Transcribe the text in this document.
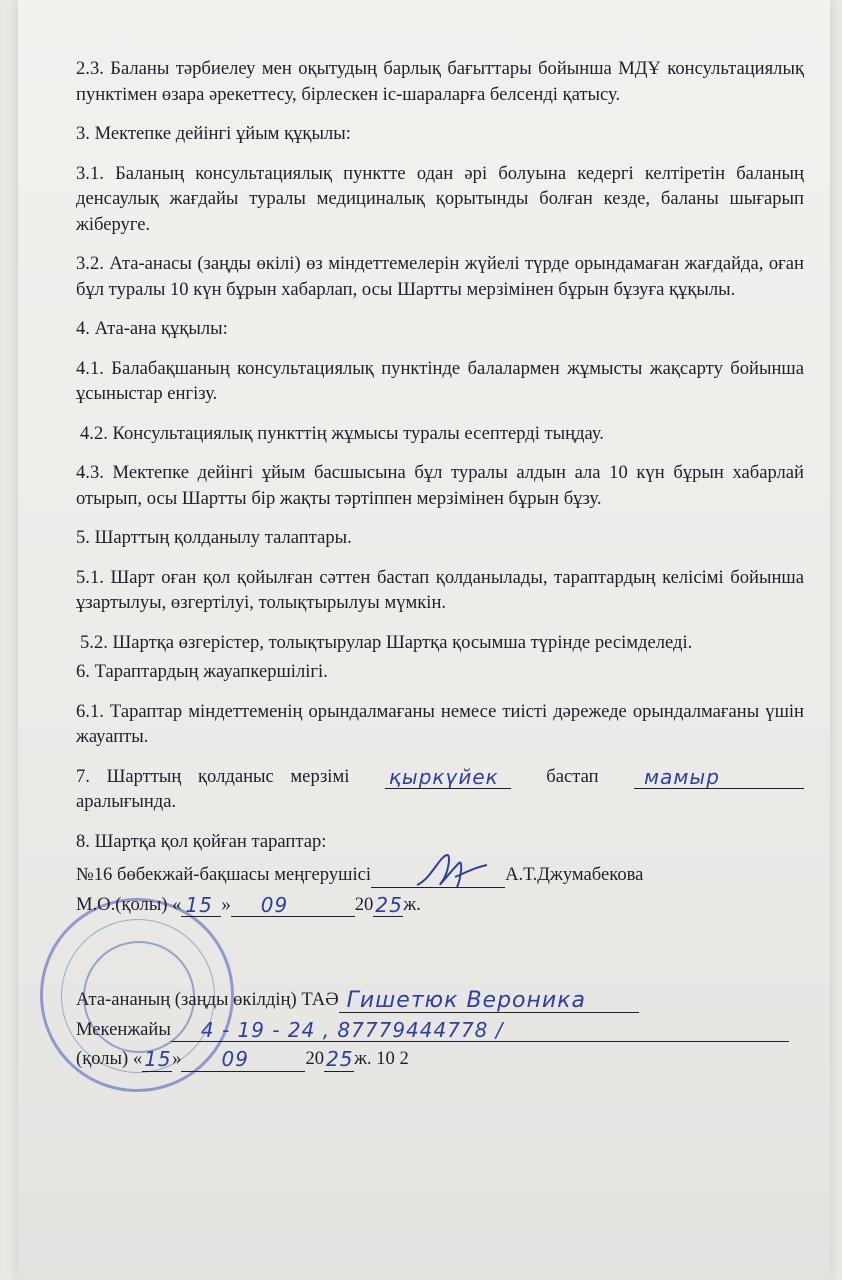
2.3. Баланы тәрбиелеу мен оқытудың барлық бағыттары бойынша МДҰ консультациялық пунктімен өзара әрекеттесу, бірлескен іс-шараларға белсенді қатысу.

3. Мектепке дейінгі ұйым құқылы:

3.1. Баланың консультациялық пунктте одан әрі болуына кедергі келтіретін баланың денсаулық жағдайы туралы медициналық қорытынды болған кезде, баланы шығарып жіберуге.

3.2. Ата-анасы (заңды өкілі) өз міндеттемелерін жүйелі түрде орындамаған жағдайда, оған бұл туралы 10 күн бұрын хабарлап, осы Шартты мерзімінен бұрын бұзуға құқылы.

4. Ата-ана құқылы:

4.1. Балабақшаның консультациялық пунктінде балалармен жұмысты жақсарту бойынша ұсыныстар енгізу.

4.2. Консультациялық пункттің жұмысы туралы есептерді тыңдау.

4.3. Мектепке дейінгі ұйым басшысына бұл туралы алдын ала 10 күн бұрын хабарлай отырып, осы Шартты бір жақты тәртіппен мерзімінен бұрын бұзу.

5. Шарттың қолданылу талаптары.

5.1. Шарт оған қол қойылған сәттен бастап қолданылады, тараптардың келісімі бойынша ұзартылуы, өзгертілуі, толықтырылуы мүмкін.

5.2. Шартқа өзгерістер, толықтырулар Шартқа қосымша түрінде ресімделеді.

6. Тараптардың жауапкершілігі.

6.1. Тараптар міндеттеменің орындалмағаны немесе тиісті дәрежеде орындалмағаны үшін жауапты.

7. Шарттың қолданыс мерзімі қыркүйек	бастап мамыр
аралығында.

8. Шартқа қол қойған тараптар:

№16 бөбекжай-бақшасы меңгерушісі	А.Т.Джумабекова
М.О.(қолы) « 15 » 09	20 25 ж.
Ата-ананың (заңды өкілдің) ТАӘ Гишетюк Вероника
Мекенжайы 4 - 19 - 24 , 87779444778 /
(қолы) « 15 » 09	20 25 ж. 10 2
